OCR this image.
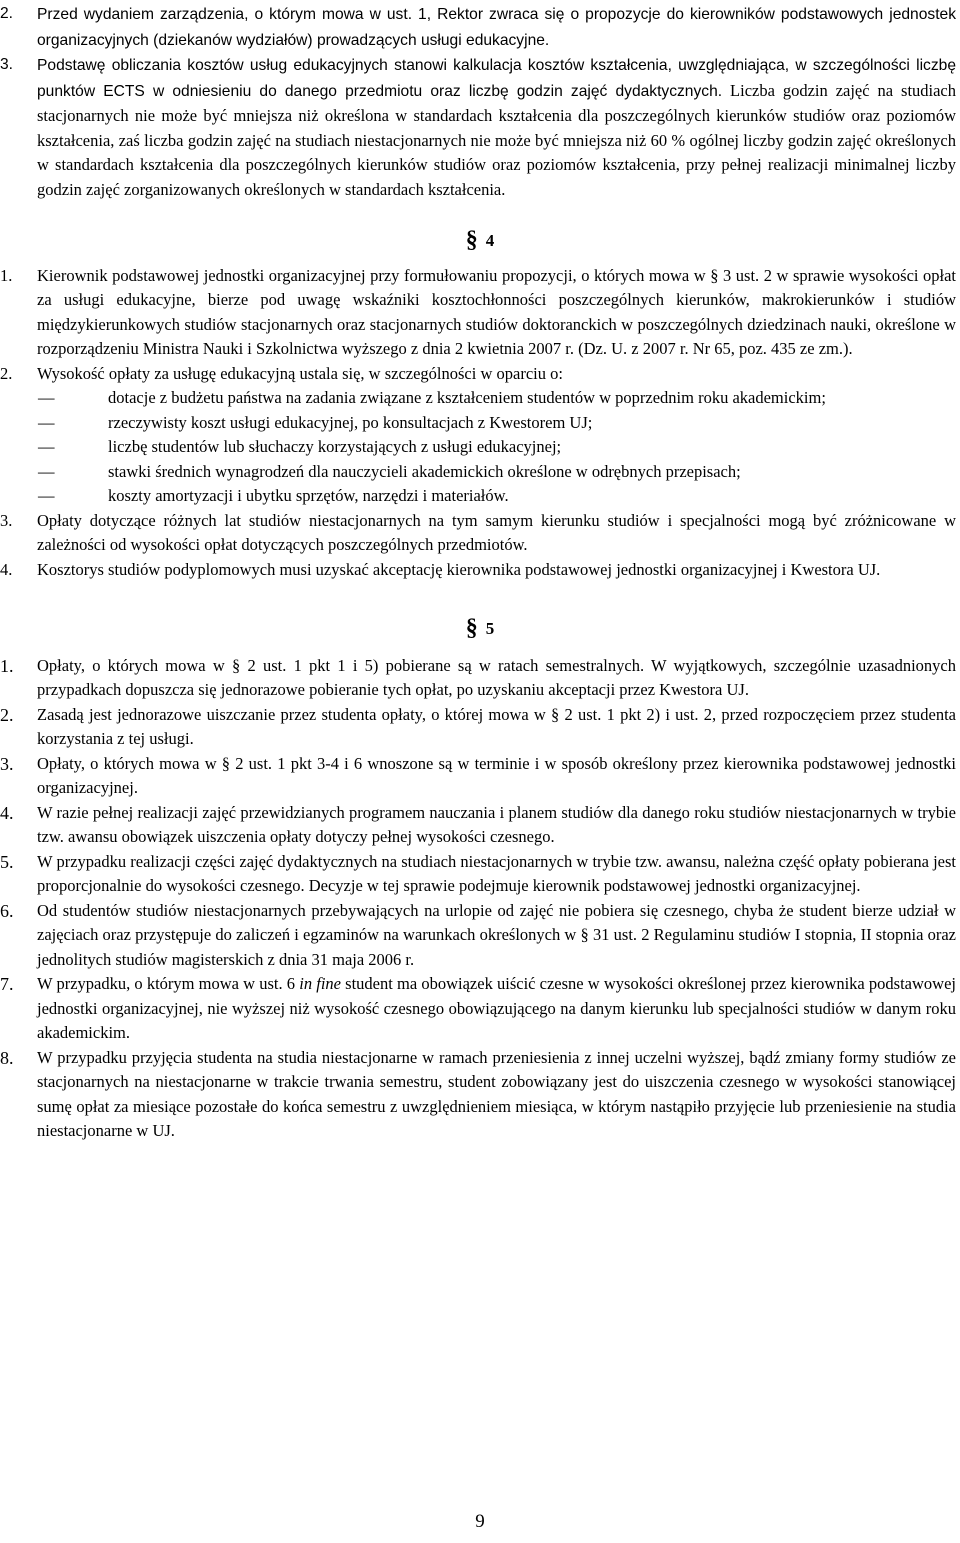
2. Przed wydaniem zarządzenia, o którym mowa w ust. 1, Rektor zwraca się o propozycje do kierowników podstawowych jednostek organizacyjnych (dziekanów wydziałów) prowadzących usługi edukacyjne.
3. Podstawę obliczania kosztów usług edukacyjnych stanowi kalkulacja kosztów kształcenia, uwzględniająca, w szczególności liczbę punktów ECTS w odniesieniu do danego przedmiotu oraz liczbę godzin zajęć dydaktycznych. Liczba godzin zajęć na studiach stacjonarnych nie może być mniejsza niż określona w standardach kształcenia dla poszczególnych kierunków studiów oraz poziomów kształcenia, zaś liczba godzin zajęć na studiach niestacjonarnych nie może być mniejsza niż 60 % ogólnej liczby godzin zajęć określonych w standardach kształcenia dla poszczególnych kierunków studiów oraz poziomów kształcenia, przy pełnej realizacji minimalnej liczby godzin zajęć zorganizowanych określonych w standardach kształcenia.
§ 4
1. Kierownik podstawowej jednostki organizacyjnej przy formułowaniu propozycji, o których mowa w § 3 ust. 2 w sprawie wysokości opłat za usługi edukacyjne, bierze pod uwagę wskaźniki kosztochłonności poszczególnych kierunków, makrokierunków i studiów międzykierunkowych studiów stacjonarnych oraz stacjonarnych studiów doktoranckich w poszczególnych dziedzinach nauki, określone w rozporządzeniu Ministra Nauki i Szkolnictwa wyższego z dnia 2 kwietnia 2007 r. (Dz. U. z 2007 r. Nr 65, poz. 435 ze zm.).
2. Wysokość opłaty za usługę edukacyjną ustala się, w szczególności w oparciu o:
—	dotacje z budżetu państwa na zadania związane z kształceniem studentów w poprzednim roku akademickim;
—	rzeczywisty koszt usługi edukacyjnej, po konsultacjach z Kwestorem UJ;
—	liczbę studentów lub słuchaczy korzystających z usługi edukacyjnej;
—	stawki średnich wynagrodzeń dla nauczycieli akademickich określone w odrębnych przepisach;
—	koszty amortyzacji i ubytku sprzętów, narzędzi i materiałów.
3. Opłaty dotyczące różnych lat studiów niestacjonarnych na tym samym kierunku studiów i specjalności mogą być zróżnicowane w zależności od wysokości opłat dotyczących poszczególnych przedmiotów.
4. Kosztorys studiów podyplomowych musi uzyskać akceptację kierownika podstawowej jednostki organizacyjnej i Kwestora UJ.
§ 5
1. Opłaty, o których mowa w § 2 ust. 1 pkt 1 i 5) pobierane są w ratach semestralnych. W wyjątkowych, szczególnie uzasadnionych przypadkach dopuszcza się jednorazowe pobieranie tych opłat, po uzyskaniu akceptacji przez Kwestora UJ.
2. Zasadą jest jednorazowe uiszczanie przez studenta opłaty, o której mowa w § 2 ust. 1 pkt 2) i ust. 2, przed rozpoczęciem przez studenta korzystania z tej usługi.
3. Opłaty, o których mowa w § 2 ust. 1 pkt 3-4 i 6 wnoszone są w terminie i w sposób określony przez kierownika podstawowej jednostki organizacyjnej.
4. W razie pełnej realizacji zajęć przewidzianych programem nauczania i planem studiów dla danego roku studiów niestacjonarnych w trybie tzw. awansu obowiązek uiszczenia opłaty dotyczy pełnej wysokości czesnego.
5. W przypadku realizacji części zajęć dydaktycznych na studiach niestacjonarnych w trybie tzw. awansu, należna część opłaty pobierana jest proporcjonalnie do wysokości czesnego. Decyzje w tej sprawie podejmuje kierownik podstawowej jednostki organizacyjnej.
6. Od studentów studiów niestacjonarnych przebywających na urlopie od zajęć nie pobiera się czesnego, chyba że student bierze udział w zajęciach oraz przystępuje do zaliczeń i egzaminów na warunkach określonych w § 31 ust. 2 Regulaminu studiów I stopnia, II stopnia oraz jednolitych studiów magisterskich z dnia 31 maja 2006 r.
7. W przypadku, o którym mowa w ust. 6 in fine student ma obowiązek uiścić czesne w wysokości określonej przez kierownika podstawowej jednostki organizacyjnej, nie wyższej niż wysokość czesnego obowiązującego na danym kierunku lub specjalności studiów w danym roku akademickim.
8. W przypadku przyjęcia studenta na studia niestacjonarne w ramach przeniesienia z innej uczelni wyższej, bądź zmiany formy studiów ze stacjonarnych na niestacjonarne w trakcie trwania semestru, student zobowiązany jest do uiszczenia czesnego w wysokości stanowiącej sumę opłat za miesiące pozostałe do końca semestru z uwzględnieniem miesiąca, w którym nastąpiło przyjęcie lub przeniesienie na studia niestacjonarne w UJ.
9
